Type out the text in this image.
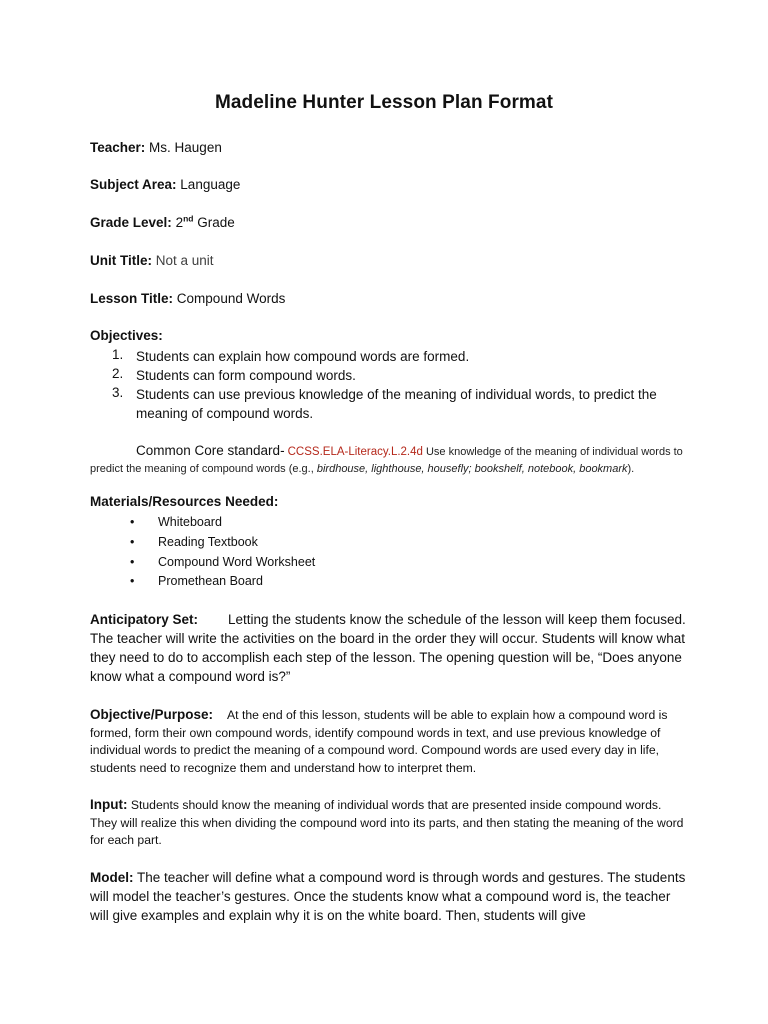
Madeline Hunter Lesson Plan Format
Teacher: Ms. Haugen
Subject Area: Language
Grade Level: 2nd Grade
Unit Title: Not a unit
Lesson Title: Compound Words
Objectives:
1. Students can explain how compound words are formed.
2. Students can form compound words.
3. Students can use previous knowledge of the meaning of individual words, to predict the meaning of compound words.
Common Core standard- CCSS.ELA-Literacy.L.2.4d Use knowledge of the meaning of individual words to predict the meaning of compound words (e.g., birdhouse, lighthouse, housefly; bookshelf, notebook, bookmark).
Materials/Resources Needed:
• Whiteboard
• Reading Textbook
• Compound Word Worksheet
• Promethean Board
Anticipatory Set: Letting the students know the schedule of the lesson will keep them focused. The teacher will write the activities on the board in the order they will occur. Students will know what they need to do to accomplish each step of the lesson. The opening question will be, “Does anyone know what a compound word is?”
Objective/Purpose: At the end of this lesson, students will be able to explain how a compound word is formed, form their own compound words, identify compound words in text, and use previous knowledge of individual words to predict the meaning of a compound word. Compound words are used every day in life, students need to recognize them and understand how to interpret them.
Input: Students should know the meaning of individual words that are presented inside compound words. They will realize this when dividing the compound word into its parts, and then stating the meaning of the word for each part.
Model: The teacher will define what a compound word is through words and gestures. The students will model the teacher’s gestures. Once the students know what a compound word is, the teacher will give examples and explain why it is on the white board. Then, students will give
